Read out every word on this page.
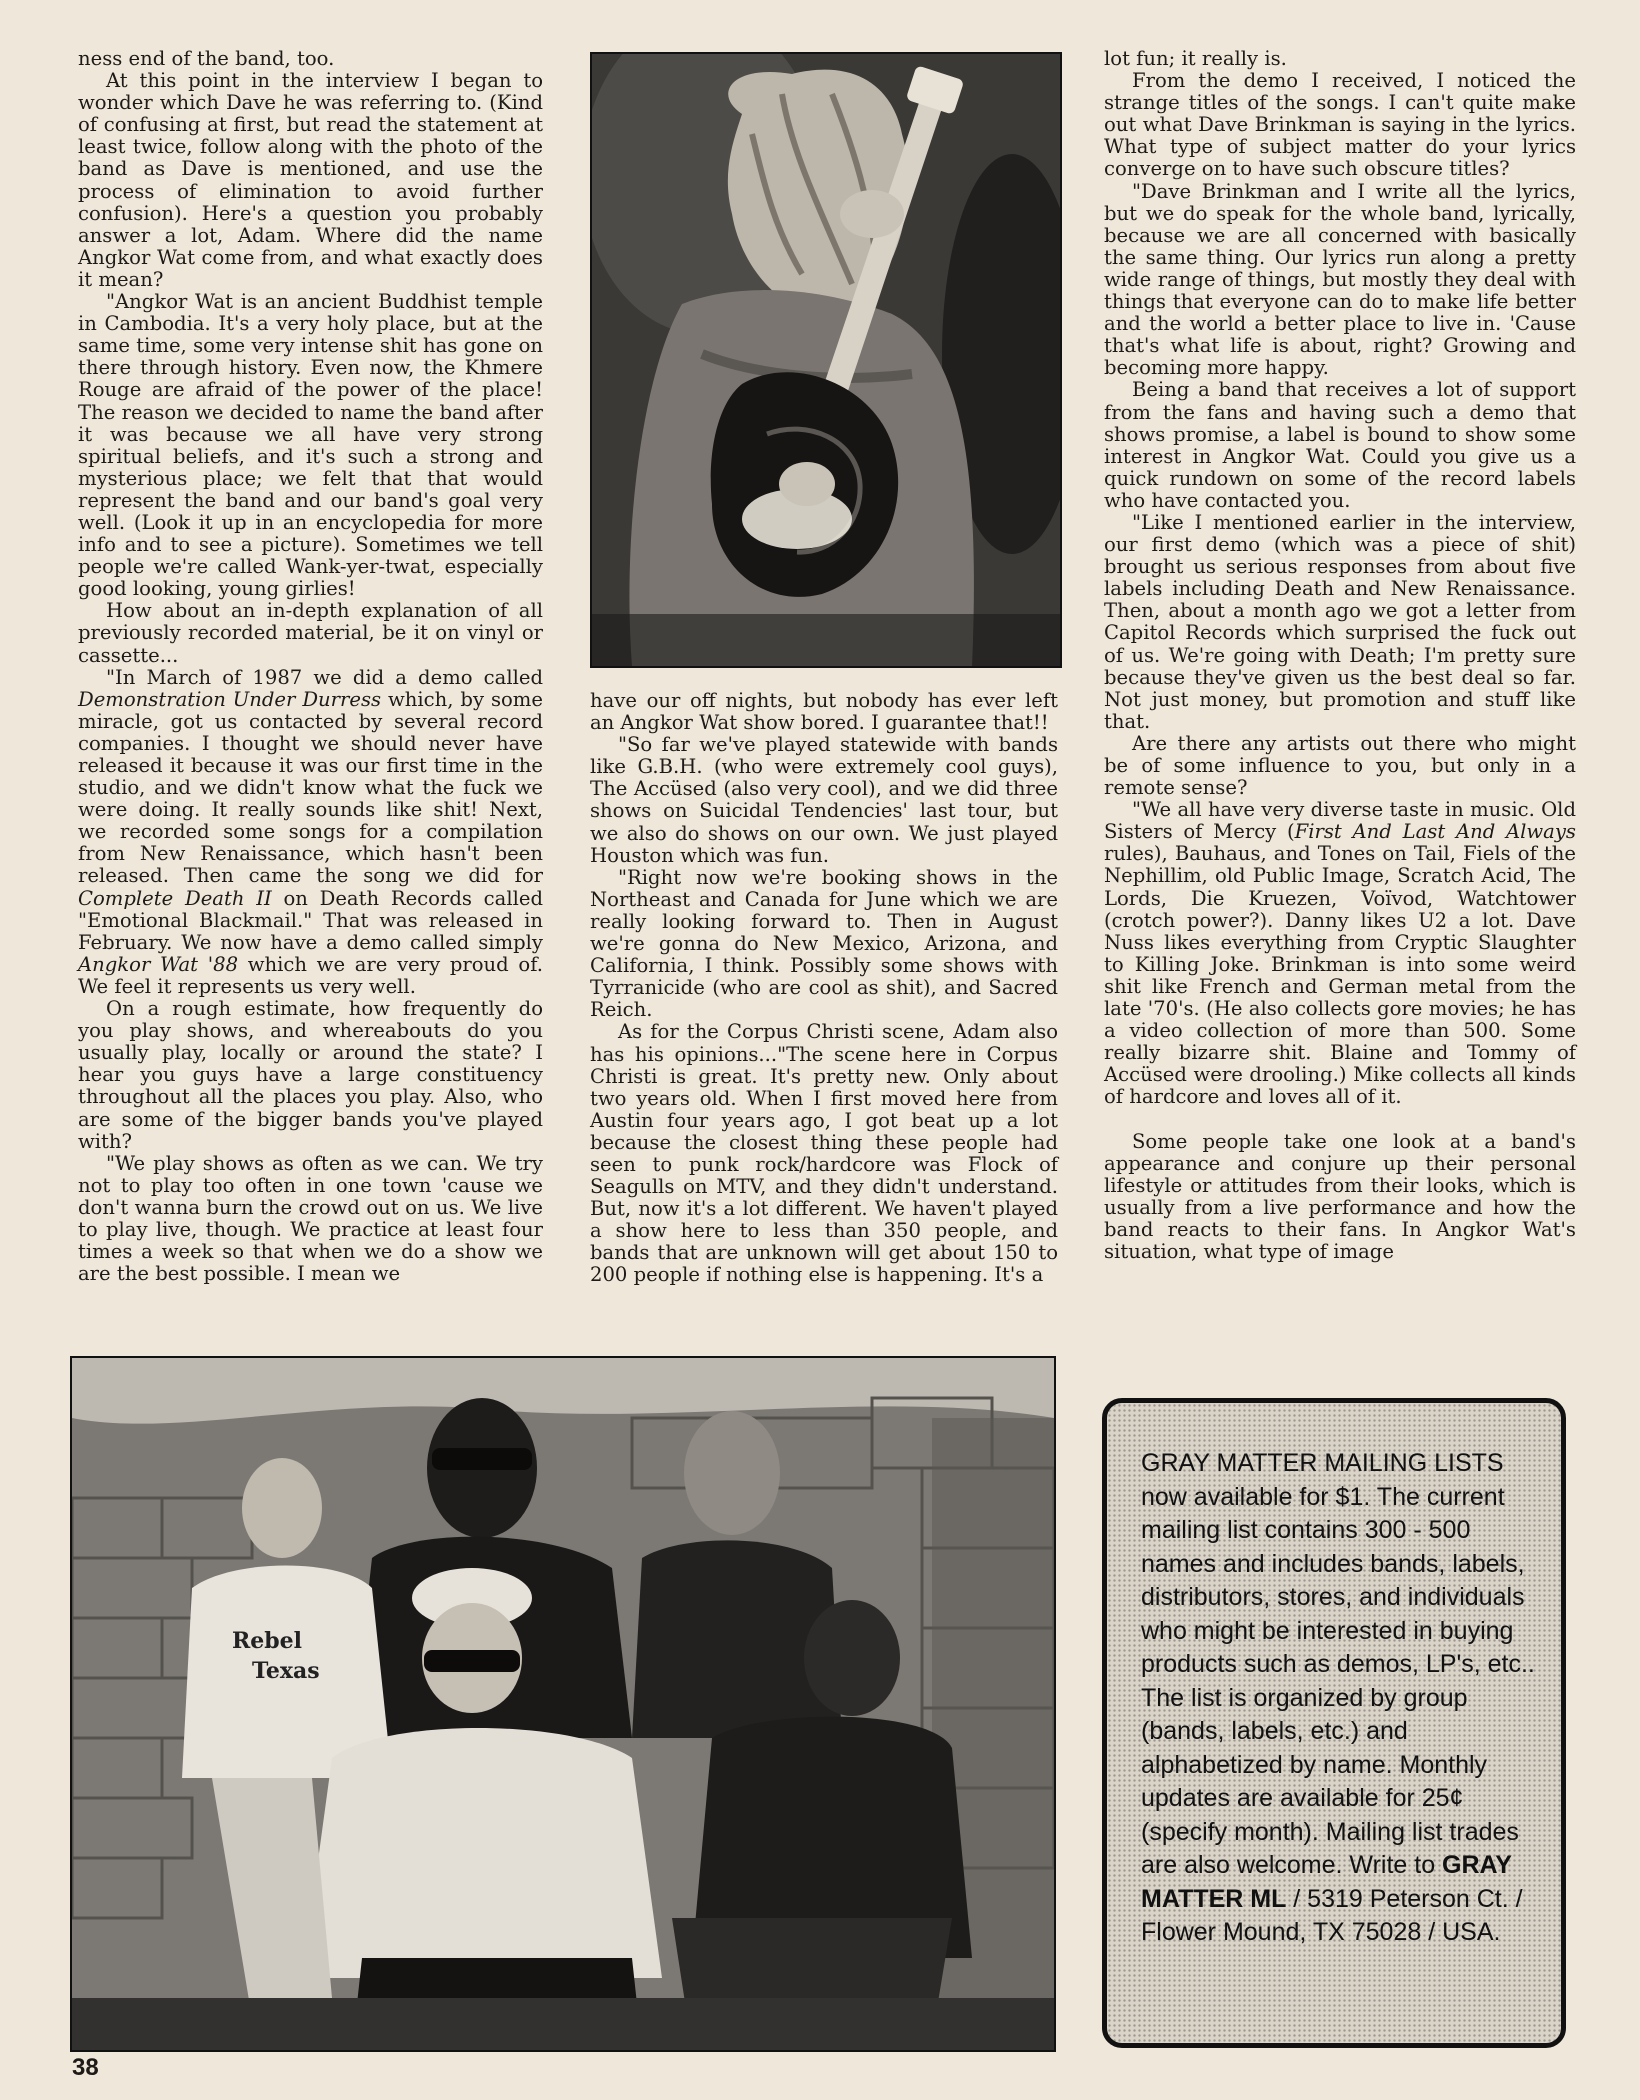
ness end of the band, too.

At this point in the interview I began to wonder which Dave he was referring to. (Kind of confusing at first, but read the statement at least twice, follow along with the photo of the band as Dave is mentioned, and use the process of elimination to avoid further confusion). Here's a question you probably answer a lot, Adam. Where did the name Angkor Wat come from, and what exactly does it mean?

"Angkor Wat is an ancient Buddhist temple in Cambodia. It's a very holy place, but at the same time, some very intense shit has gone on there through history. Even now, the Khmere Rouge are afraid of the power of the place! The reason we decided to name the band after it was because we all have very strong spiritual beliefs, and it's such a strong and mysterious place; we felt that that would represent the band and our band's goal very well. (Look it up in an encyclopedia for more info and to see a picture). Sometimes we tell people we're called Wank-yer-twat, especially good looking, young girlies!

How about an in-depth explanation of all previously recorded material, be it on vinyl or cassette...

"In March of 1987 we did a demo called Demonstration Under Durress which, by some miracle, got us contacted by several record companies. I thought we should never have released it because it was our first time in the studio, and we didn't know what the fuck we were doing. It really sounds like shit! Next, we recorded some songs for a compilation from New Renaissance, which hasn't been released. Then came the song we did for Complete Death II on Death Records called "Emotional Blackmail." That was released in February. We now have a demo called simply Angkor Wat '88 which we are very proud of. We feel it represents us very well.

On a rough estimate, how frequently do you play shows, and whereabouts do you usually play, locally or around the state? I hear you guys have a large constituency throughout all the places you play. Also, who are some of the bigger bands you've played with?

"We play shows as often as we can. We try not to play too often in one town 'cause we don't wanna burn the crowd out on us. We live to play live, though. We practice at least four times a week so that when we do a show we are the best possible. I mean we

have our off nights, but nobody has ever left an Angkor Wat show bored. I guarantee that!!

"So far we've played statewide with bands like G.B.H. (who were extremely cool guys), The Accüsed (also very cool), and we did three shows on Suicidal Tendencies' last tour, but we also do shows on our own. We just played Houston which was fun.

"Right now we're booking shows in the Northeast and Canada for June which we are really looking forward to. Then in August we're gonna do New Mexico, Arizona, and California, I think. Possibly some shows with Tyrranicide (who are cool as shit), and Sacred Reich.

As for the Corpus Christi scene, Adam also has his opinions..."The scene here in Corpus Christi is great. It's pretty new. Only about two years old. When I first moved here from Austin four years ago, I got beat up a lot because the closest thing these people had seen to punk rock/hardcore was Flock of Seagulls on MTV, and they didn't understand. But, now it's a lot different. We haven't played a show here to less than 350 people, and bands that are unknown will get about 150 to 200 people if nothing else is happening. It's a

lot fun; it really is.

From the demo I received, I noticed the strange titles of the songs. I can't quite make out what Dave Brinkman is saying in the lyrics. What type of subject matter do your lyrics converge on to have such obscure titles?

"Dave Brinkman and I write all the lyrics, but we do speak for the whole band, lyrically, because we are all concerned with basically the same thing. Our lyrics run along a pretty wide range of things, but mostly they deal with things that everyone can do to make life better and the world a better place to live in. 'Cause that's what life is about, right? Growing and becoming more happy.

Being a band that receives a lot of support from the fans and having such a demo that shows promise, a label is bound to show some interest in Angkor Wat. Could you give us a quick rundown on some of the record labels who have contacted you.

"Like I mentioned earlier in the interview, our first demo (which was a piece of shit) brought us serious responses from about five labels including Death and New Renaissance. Then, about a month ago we got a letter from Capitol Records which surprised the fuck out of us. We're going with Death; I'm pretty sure because they've given us the best deal so far. Not just money, but promotion and stuff like that.

Are there any artists out there who might be of some influence to you, but only in a remote sense?

"We all have very diverse taste in music. Old Sisters of Mercy (First And Last And Always rules), Bauhaus, and Tones on Tail, Fiels of the Nephillim, old Public Image, Scratch Acid, The Lords, Die Kruezen, Voïvod, Watchtower (crotch power?). Danny likes U2 a lot. Dave Nuss likes everything from Cryptic Slaughter to Killing Joke. Brinkman is into some weird shit like French and German metal from the late '70's. (He also collects gore movies; he has a video collection of more than 500. Some really bizarre shit. Blaine and Tommy of Accüsed were drooling.) Mike collects all kinds of hardcore and loves all of it.

Some people take one look at a band's appearance and conjure up their personal lifestyle or attitudes from their looks, which is usually from a live performance and how the band reacts to their fans. In Angkor Wat's situation, what type of image

Rebel
Texas
GRAY MATTER MAILING LISTS now available for $1. The current mailing list contains 300 - 500 names and includes bands, labels, distributors, stores, and individuals who might be interested in buying products such as demos, LP's, etc.. The list is organized by group (bands, labels, etc.) and alphabetized by name. Monthly updates are available for 25¢ (specify month). Mailing list trades are also welcome. Write to GRAY MATTER ML / 5319 Peterson Ct. / Flower Mound, TX 75028 / USA.
38
